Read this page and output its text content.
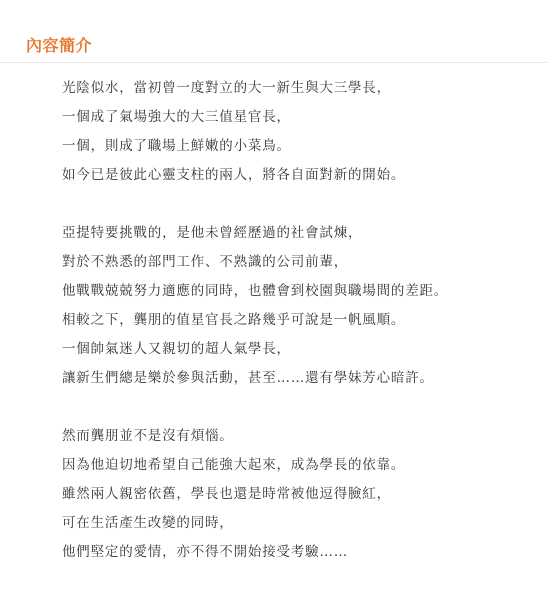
內容簡介
光陰似水，當初曾一度對立的大一新生與大三學長，
一個成了氣場強大的大三值星官長，
一個，則成了職場上鮮嫩的小菜鳥。
如今已是彼此心靈支柱的兩人，將各自面對新的開始。
亞提特要挑戰的，是他未曾經歷過的社會試煉，
對於不熟悉的部門工作、不熟識的公司前輩，
他戰戰兢兢努力適應的同時，也體會到校園與職場間的差距。
相較之下，龔朋的值星官長之路幾乎可說是一帆風順。
一個帥氣迷人又親切的超人氣學長，
讓新生們總是樂於參與活動，甚至……還有學妹芳心暗許。
然而龔朋並不是沒有煩惱。
因為他迫切地希望自己能強大起來，成為學長的依靠。
雖然兩人親密依舊，學長也還是時常被他逗得臉紅，
可在生活產生改變的同時，
他們堅定的愛情，亦不得不開始接受考驗……
